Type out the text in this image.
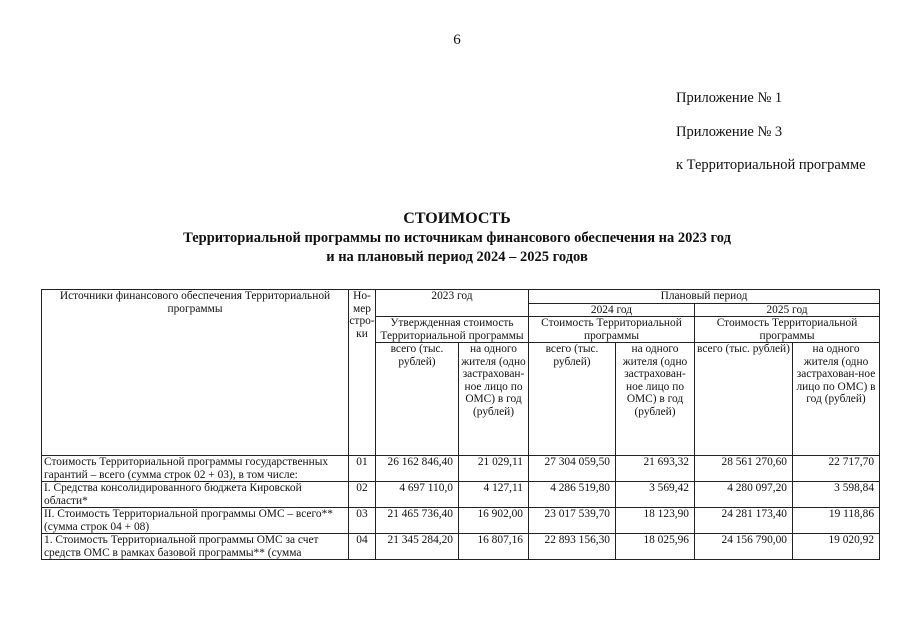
6
Приложение № 1
Приложение № 3
к Территориальной программе
СТОИМОСТЬ
Территориальной программы по источникам финансового обеспечения на 2023 год
и на плановый период 2024 – 2025 годов
Источники финансового обеспечения Территориальной программы	Но-мер стро-ки	2023 год		Плановый период			
				2024 год		2025 год	
		Утвержденная стоимость Территориальной программы		Стоимость Территориальной программы		Стоимость Территориальной программы	
		всего (тыс. рублей)	на одного жителя (одно застрахован-ное лицо по ОМС) в год (рублей)	всего (тыс. рублей)	на одного жителя (одно застрахован-ное лицо по ОМС) в год (рублей)	всего (тыс. рублей)	на одного жителя (одно застрахован-ное лицо по ОМС) в год (рублей)
Стоимость Территориальной программы государственных гарантий – всего (сумма строк 02 + 03), в том числе:	01	26 162 846,40	21 029,11	27 304 059,50	21 693,32	28 561 270,60	22 717,70
I. Средства консолидированного бюджета Кировской области*	02	4 697 110,0	4 127,11	4 286 519,80	3 569,42	4 280 097,20	3 598,84
II. Стоимость Территориальной программы ОМС – всего** (сумма строк 04 + 08)	03	21 465 736,40	16 902,00	23 017 539,70	18 123,90	24 281 173,40	19 118,86
1. Стоимость Территориальной программы ОМС за счет средств ОМС в рамках базовой программы** (сумма	04	21 345 284,20	16 807,16	22 893 156,30	18 025,96	24 156 790,00	19 020,92
